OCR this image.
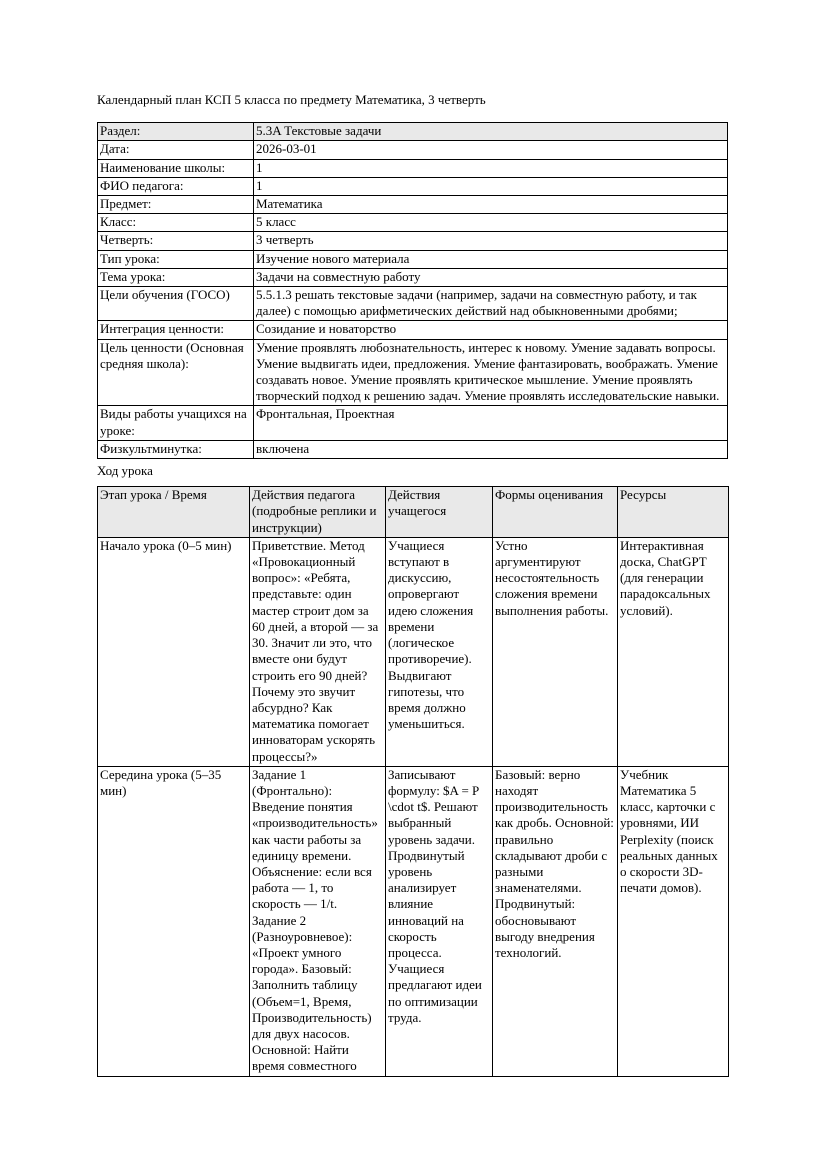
Календарный план КСП 5 класса по предмету Математика, 3 четверть

Раздел:	5.3A Текстовые задачи
Дата:	2026-03-01
Наименование школы:	1
ФИО педагога:	1
Предмет:	Математика
Класс:	5 класс
Четверть:	3 четверть
Тип урока:	Изучение нового материала
Тема урока:	Задачи на совместную работу
Цели обучения (ГОСО)	5.5.1.3 решать текстовые задачи (например, задачи на совместную работу, и так далее) с помощью арифметических действий над обыкновенными дробями;
Интеграция ценности:	Созидание и новаторство
Цель ценности (Основная средняя школа):	Умение проявлять любознательность, интерес к новому. Умение задавать вопросы. Умение выдвигать идеи, предложения. Умение фантазировать, воображать. Умение создавать новое. Умение проявлять критическое мышление. Умение проявлять творческий подход к решению задач. Умение проявлять исследовательские навыки.
Виды работы учащихся на уроке:	Фронтальная, Проектная
Физкультминутка:	включена

Ход урока

Этап урока / Время	Действия педагога (подробные реплики и инструкции)	Действия учащегося	Формы оценивания	Ресурсы
Начало урока (0–5 мин)	Приветствие. Метод «Провокационный вопрос»: «Ребята, представьте: один мастер строит дом за 60 дней, а второй — за 30. Значит ли это, что вместе они будут строить его 90 дней? Почему это звучит абсурдно? Как математика помогает инноваторам ускорять процессы?»	Учащиеся вступают в дискуссию, опровергают идею сложения времени (логическое противоречие). Выдвигают гипотезы, что время должно уменьшиться.	Устно аргументируют несостоятельность сложения времени выполнения работы.	Интерактивная доска, ChatGPT (для генерации парадоксальных условий).
Середина урока (5–35 мин)	Задание 1 (Фронтально): Введение понятия «производительность» как части работы за единицу времени. Объяснение: если вся работа — 1, то скорость — 1/t. Задание 2 (Разноуровневое): «Проект умного города». Базовый: Заполнить таблицу (Объем=1, Время, Производительность) для двух насосов. Основной: Найти время совместного	Записывают формулу: $A = P \cdot t$. Решают выбранный уровень задачи. Продвинутый уровень анализирует влияние инноваций на скорость процесса. Учащиеся предлагают идеи по оптимизации труда.	Базовый: верно находят производительность как дробь. Основной: правильно складывают дроби с разными знаменателями. Продвинутый: обосновывают выгоду внедрения технологий.	Учебник Математика 5 класс, карточки с уровнями, ИИ Perplexity (поиск реальных данных о скорости 3D-печати домов).
